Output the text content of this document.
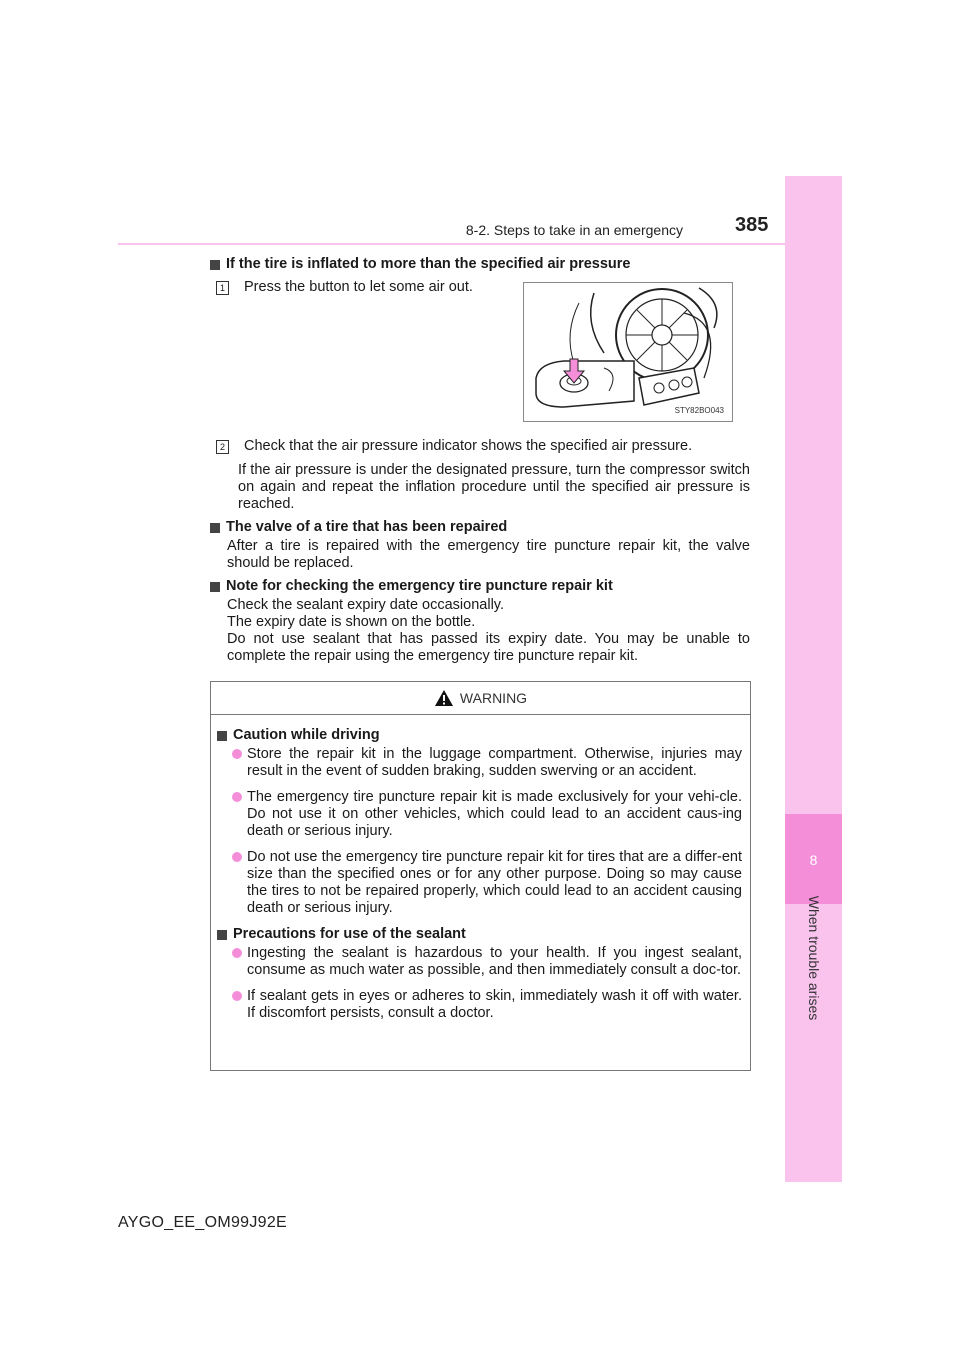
8
When trouble arises
8-2. Steps to take in an emergency	385
If the tire is inflated to more than the specified air pressure
1 Press the button to let some air out.
2 Check that the air pressure indicator shows the specified air pressure.
If the air pressure is under the designated pressure, turn the compressor switch on again and repeat the inflation procedure until the specified air pressure is reached.
The valve of a tire that has been repaired
After a tire is repaired with the emergency tire puncture repair kit, the valve should be replaced.
Note for checking the emergency tire puncture repair kit
Check the sealant expiry date occasionally.
The expiry date is shown on the bottle.
Do not use sealant that has passed its expiry date. You may be unable to complete the repair using the emergency tire puncture repair kit.
STY82BO043
WARNING
Caution while driving
Store the repair kit in the luggage compartment. Otherwise, injuries may result in the event of sudden braking, sudden swerving or an accident.
The emergency tire puncture repair kit is made exclusively for your vehi-cle. Do not use it on other vehicles, which could lead to an accident caus-ing death or serious injury.
Do not use the emergency tire puncture repair kit for tires that are a differ-ent size than the specified ones or for any other purpose. Doing so may cause the tires to not be repaired properly, which could lead to an accident causing death or serious injury.
Precautions for use of the sealant
Ingesting the sealant is hazardous to your health. If you ingest sealant, consume as much water as possible, and then immediately consult a doc-tor.
If sealant gets in eyes or adheres to skin, immediately wash it off with water. If discomfort persists, consult a doctor.
AYGO_EE_OM99J92E
